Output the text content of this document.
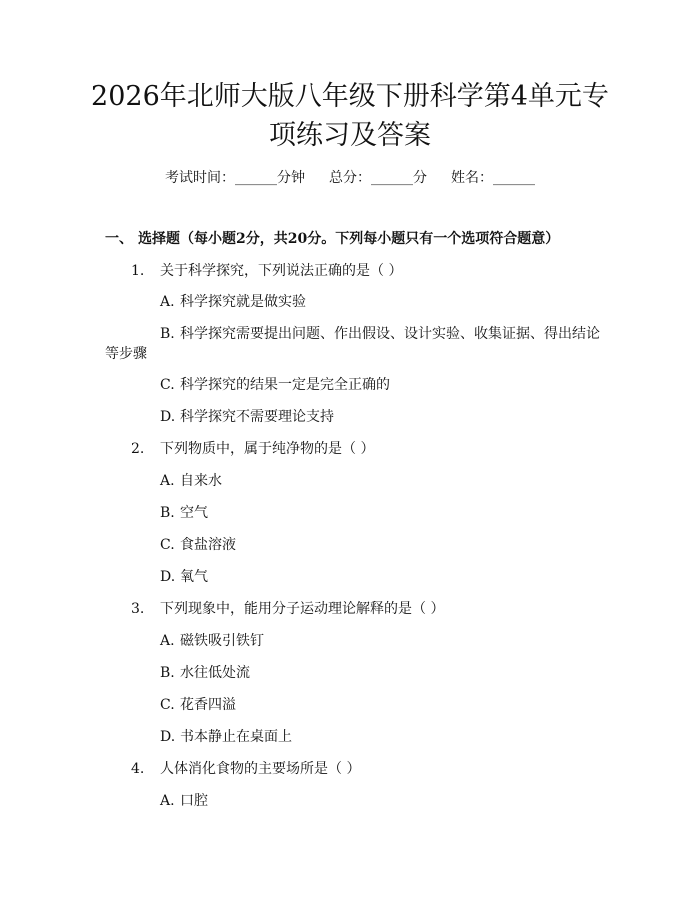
2026年北师大版八年级下册科学第4单元专
项练习及答案
考试时间：______分钟 总分：______分 姓名：______
一、 选择题（每小题2分，共20分。下列每小题只有一个选项符合题意）
1. 关于科学探究，下列说法正确的是（ ）
A. 科学探究就是做实验
B. 科学探究需要提出问题、作出假设、设计实验、收集证据、得出结论
等步骤
C. 科学探究的结果一定是完全正确的
D. 科学探究不需要理论支持
2. 下列物质中，属于纯净物的是（ ）
A. 自来水
B. 空气
C. 食盐溶液
D. 氧气
3. 下列现象中，能用分子运动理论解释的是（ ）
A. 磁铁吸引铁钉
B. 水往低处流
C. 花香四溢
D. 书本静止在桌面上
4. 人体消化食物的主要场所是（ ）
A. 口腔
